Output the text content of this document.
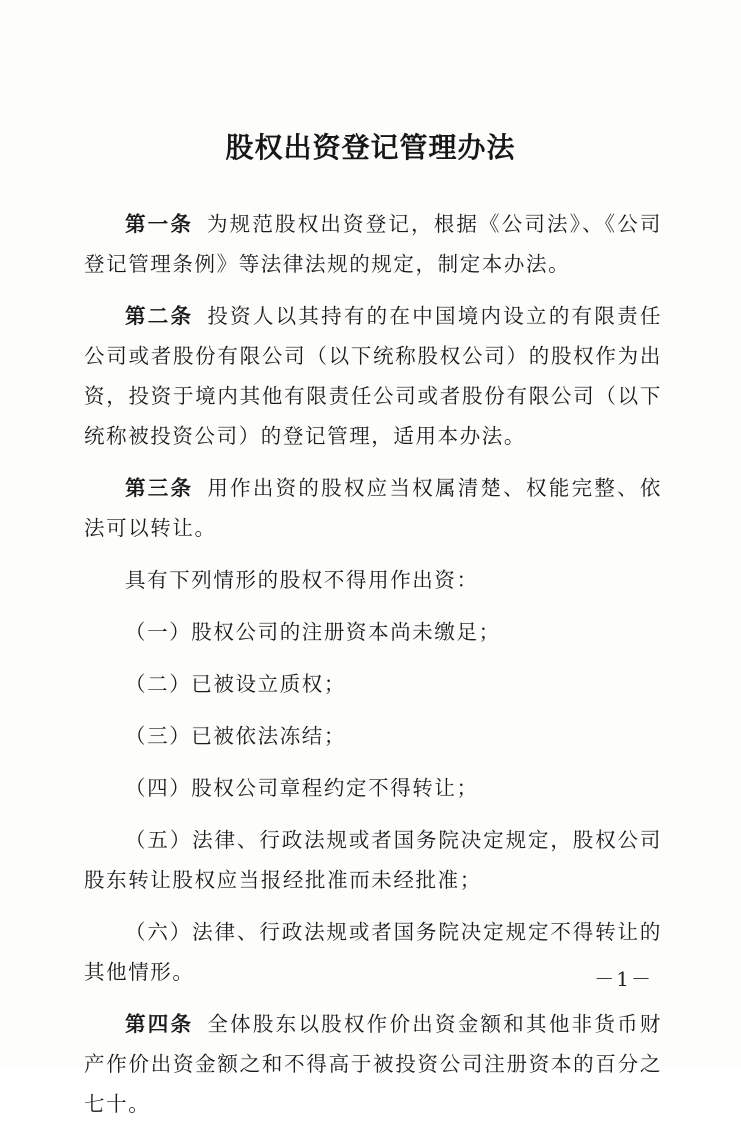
股权出资登记管理办法

第一条 为规范股权出资登记，根据《公司法》、《公司登记管理条例》等法律法规的规定，制定本办法。

第二条 投资人以其持有的在中国境内设立的有限责任公司或者股份有限公司（以下统称股权公司）的股权作为出资，投资于境内其他有限责任公司或者股份有限公司（以下统称被投资公司）的登记管理，适用本办法。

第三条 用作出资的股权应当权属清楚、权能完整、依法可以转让。

具有下列情形的股权不得用作出资：

（一）股权公司的注册资本尚未缴足；

（二）已被设立质权；

（三）已被依法冻结；

（四）股权公司章程约定不得转让；

（五）法律、行政法规或者国务院决定规定，股权公司股东转让股权应当报经批准而未经批准；

（六）法律、行政法规或者国务院决定规定不得转让的其他情形。

第四条 全体股东以股权作价出资金额和其他非货币财产作价出资金额之和不得高于被投资公司注册资本的百分之七十。

－1－
